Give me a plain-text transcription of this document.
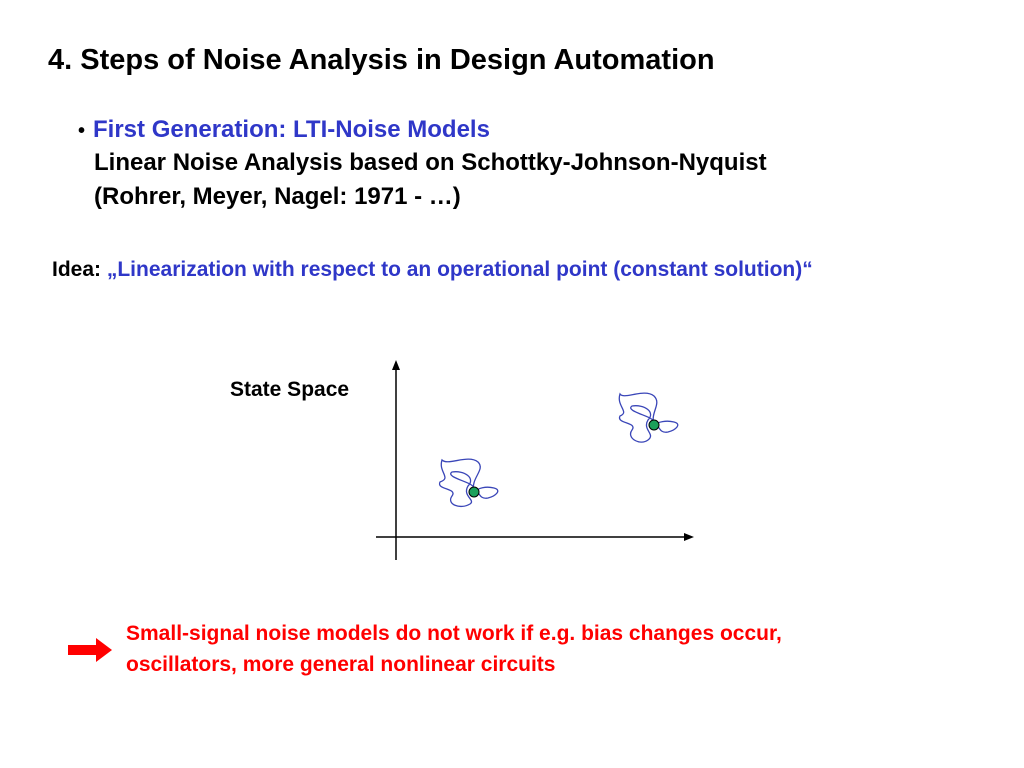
4. Steps of Noise Analysis in Design Automation
• First Generation: LTI-Noise Models
Linear Noise Analysis based on Schottky-Johnson-Nyquist
(Rohrer, Meyer, Nagel: 1971 - …)
Idea: „Linearization with respect to an operational point (constant solution)“
State Space
Small-signal noise models do not work if e.g. bias changes occur,
oscillators, more general nonlinear circuits
